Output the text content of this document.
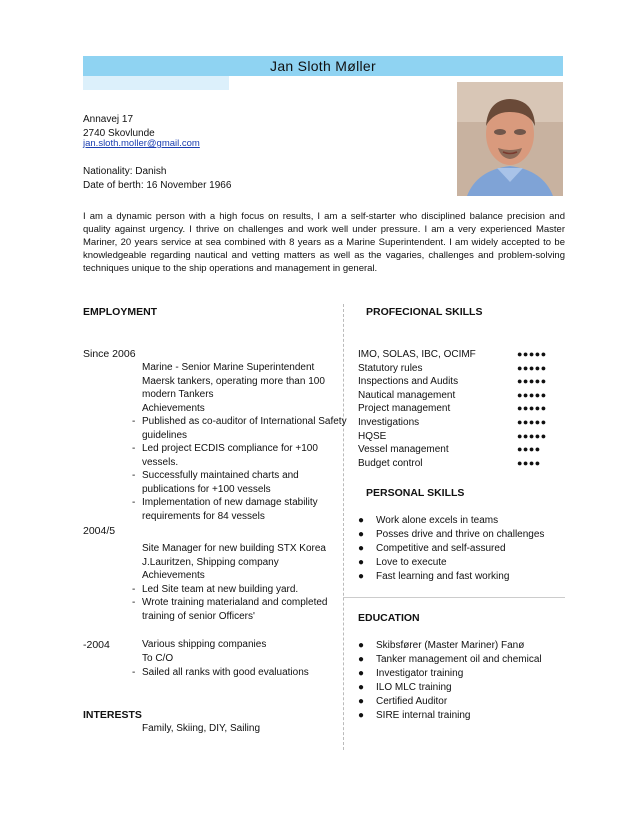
Jan Sloth Møller
Annavej 17
2740 Skovlunde
jan.sloth.moller@gmail.com
Nationality: Danish
Date of berth: 16 November 1966
I am a dynamic person with a high focus on results, I am a self-starter who disciplined balance precision and quality against urgency. I thrive on challenges and work well under pressure. I am a very experienced Master Mariner, 20 years service at sea combined with 8 years as a Marine Superintendent. I am widely accepted to be knowledgeable regarding nautical and vetting matters as well as the vagaries, challenges and problem-solving techniques unique to the ship operations and management in general.
EMPLOYMENT
Since 2006
Marine - Senior Marine Superintendent
Maersk tankers, operating more than 100
modern Tankers
Achievements
- Published as co-auditor of International Safety
guidelines
- Led project ECDIS compliance for +100
vessels.
- Successfully maintained charts and
publications for +100 vessels
- Implementation of new damage stability
requirements for 84 vessels
2004/5
Site Manager for new building STX Korea
J.Lauritzen, Shipping company
Achievements
- Led Site team at new building yard.
- Wrote training materialand and completed
training of senior Officers'
-2004	Various shipping companies
To C/O
- Sailed all ranks with good evaluations
INTERESTS
Family, Skiing, DIY, Sailing
PROFECIONAL SKILLS
IMO, SOLAS, IBC, OCIMF	●●●●●
Statutory rules	●●●●●
Inspections and Audits	●●●●●
Nautical management	●●●●●
Project management	●●●●●
Investigations	●●●●●
HQSE	●●●●●
Vessel management	●●●●
Budget control	●●●●
PERSONAL SKILLS
● Work alone excels in teams
● Posses drive and thrive on challenges
● Competitive and self-assured
● Love to execute
● Fast learning and fast working
EDUCATION
● Skibsfører (Master Mariner) Fanø
● Tanker management oil and chemical
● Investigator training
● ILO MLC training
● Certified Auditor
● SIRE internal training
